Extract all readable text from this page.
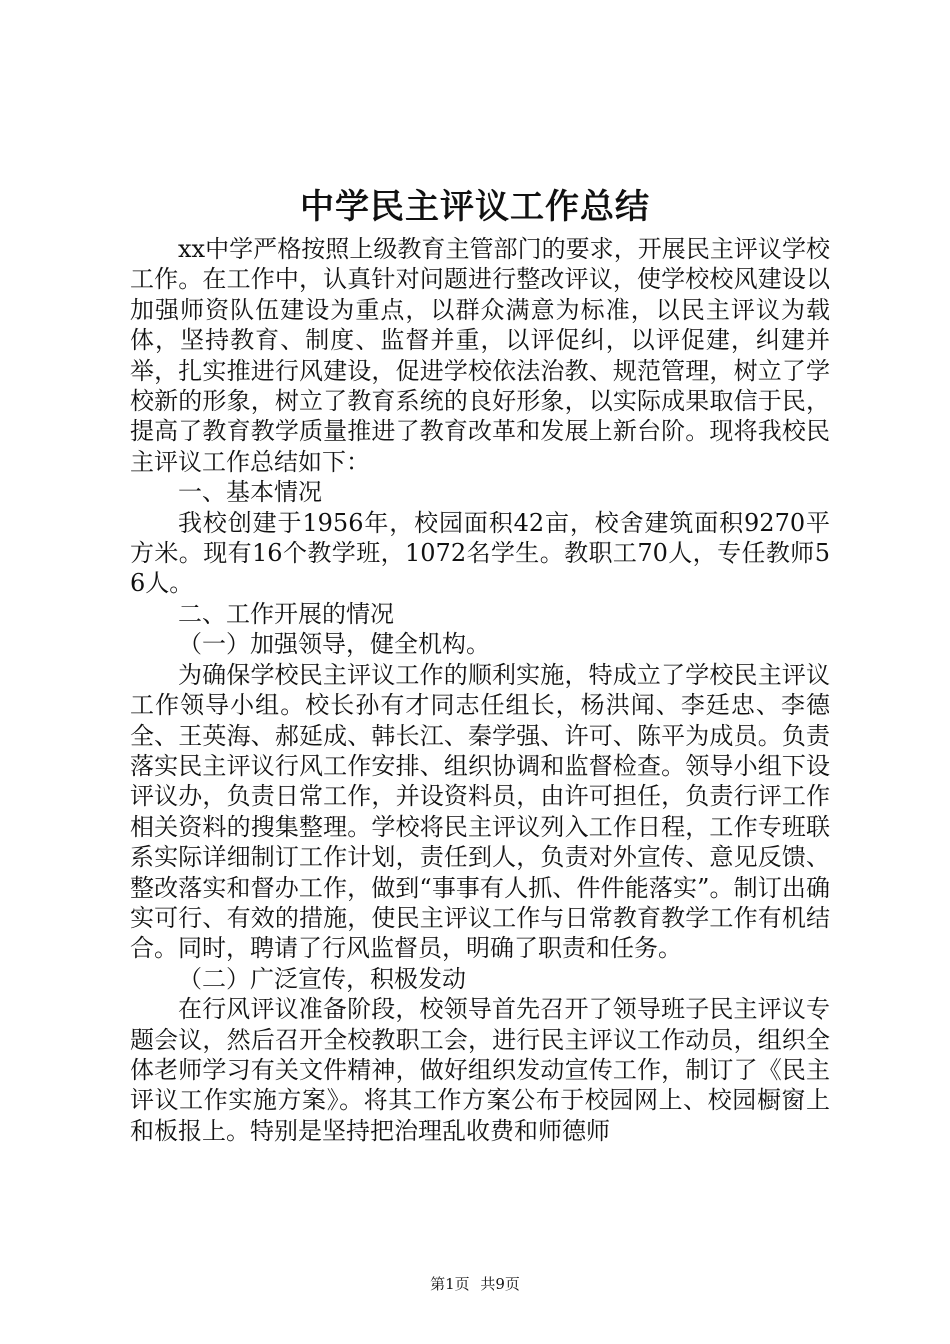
中学民主评议工作总结

xx中学严格按照上级教育主管部门的要求，开展民主评议学校工作。在工作中，认真针对问题进行整改评议，使学校校风建设以加强师资队伍建设为重点，以群众满意为标准，以民主评议为载体，坚持教育、制度、监督并重，以评促纠，以评促建，纠建并举，扎实推进行风建设，促进学校依法治教、规范管理，树立了学校新的形象，树立了教育系统的良好形象，以实际成果取信于民，提高了教育教学质量推进了教育改革和发展上新台阶。现将我校民主评议工作总结如下：

一、基本情况

我校创建于1956年，校园面积42亩，校舍建筑面积9270平方米。现有16个教学班，1072名学生。教职工70人，专任教师56人。

二、工作开展的情况

（一）加强领导，健全机构。

为确保学校民主评议工作的顺利实施，特成立了学校民主评议工作领导小组。校长孙有才同志任组长，杨洪闻、李廷忠、李德全、王英海、郝延成、韩长江、秦学强、许可、陈平为成员。负责落实民主评议行风工作安排、组织协调和监督检查。领导小组下设评议办，负责日常工作，并设资料员，由许可担任，负责行评工作相关资料的搜集整理。学校将民主评议列入工作日程，工作专班联系实际详细制订工作计划，责任到人，负责对外宣传、意见反馈、整改落实和督办工作，做到“事事有人抓、件件能落实”。制订出确实可行、有效的措施，使民主评议工作与日常教育教学工作有机结合。同时，聘请了行风监督员，明确了职责和任务。

（二）广泛宣传，积极发动

在行风评议准备阶段，校领导首先召开了领导班子民主评议专题会议，然后召开全校教职工会，进行民主评议工作动员，组织全体老师学习有关文件精神，做好组织发动宣传工作，制订了《民主评议工作实施方案》。将其工作方案公布于校园网上、校园橱窗上和板报上。特别是坚持把治理乱收费和师德师

第1页 共9页
